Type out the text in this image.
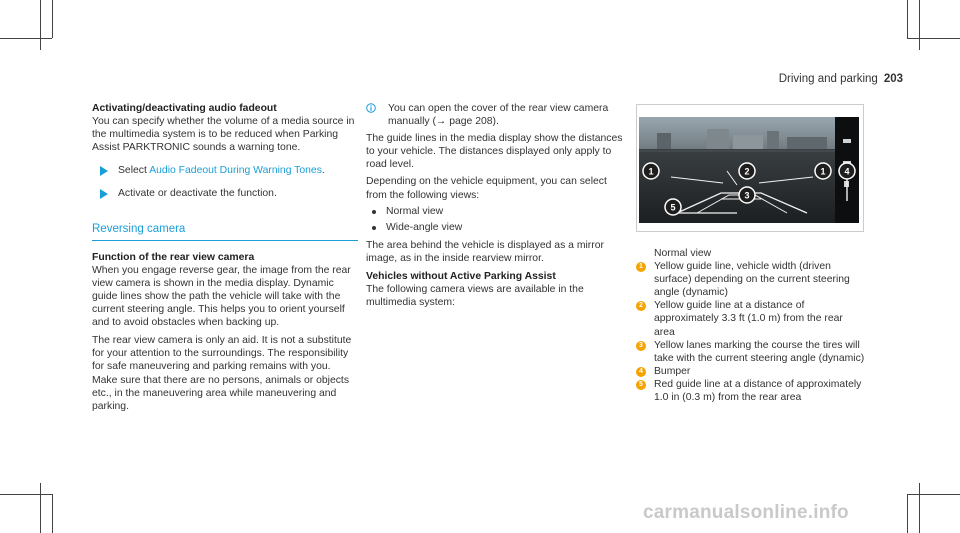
Driving and parking 203

Activating/deactivating audio fadeout

You can specify whether the volume of a media source in the multimedia system is to be reduced when Parking Assist PARKTRONIC sounds a warning tone.

Select Audio Fadeout During Warning Tones.
Activate or deactivate the function.
Reversing camera

Function of the rear view camera

When you engage reverse gear, the image from the rear view camera is shown in the media display. Dynamic guide lines show the path the vehicle will take with the current steering angle. This helps you to orient yourself and to avoid obstacles when backing up.

The rear view camera is only an aid. It is not a substitute for your attention to the surroundings. The responsibility for safe maneuvering and parking remains with you. Make sure that there are no persons, animals or objects etc., in the maneuvering area while maneuvering and parking.

You can open the cover of the rear view camera manually (→ page 208).

The guide lines in the media display show the distances to your vehicle. The distances displayed only apply to road level.

Depending on the vehicle equipment, you can select from the following views:

Normal view
Wide-angle view

The area behind the vehicle is displayed as a mirror image, as in the inside rearview mirror.

Vehicles without Active Parking Assist

The following camera views are available in the multimedia system:

1	2	1 4
3
5

Normal view

1 Yellow guide line, vehicle width (driven surface) depending on the current steering angle (dynamic)
2 Yellow guide line at a distance of approximately 3.3 ft (1.0 m) from the rear area
3 Yellow lanes marking the course the tires will take with the current steering angle (dynamic)
4 Bumper
5 Red guide line at a distance of approximately 1.0 in (0.3 m) from the rear area
carmanualsonline.info
